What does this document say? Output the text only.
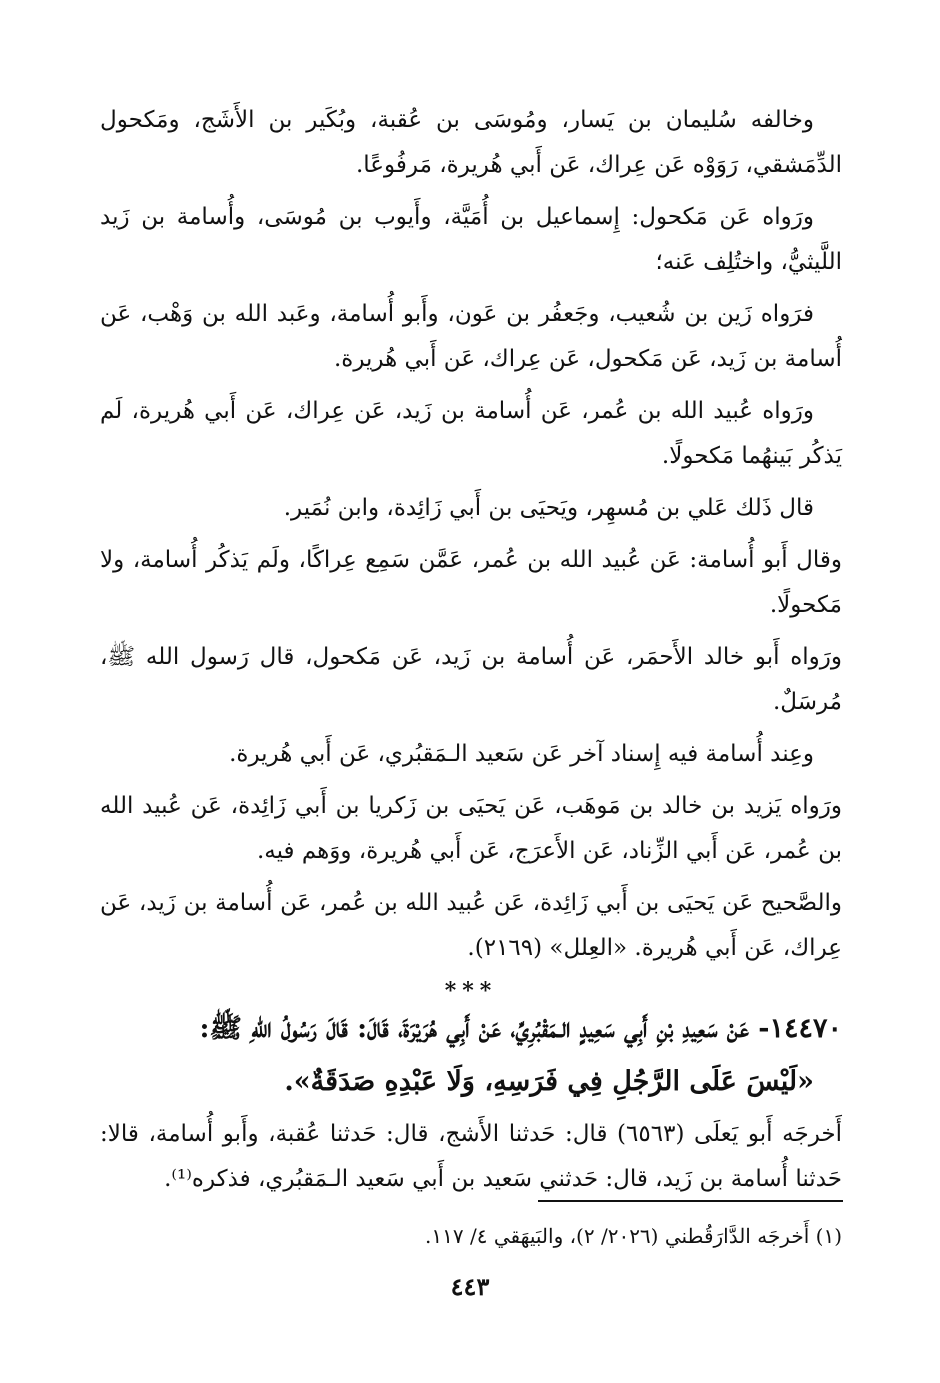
وخالفه سُليمان بن يَسار، ومُوسَى بن عُقبة، وبُكَير بن الأَشَج، ومَكحول الدِّمَشقي، رَوَوْه عَن عِراك، عَن أَبي هُريرة، مَرفُوعًا.

ورَواه عَن مَكحول: إِسماعيل بن أُمَيَّة، وأَيوب بن مُوسَى، وأُسامة بن زَيد اللَّيثيُّ، واختُلِف عَنه؛

فرَواه زَين بن شُعيب، وجَعفُر بن عَون، وأَبو أُسامة، وعَبد الله بن وَهْب، عَن أُسامة بن زَيد، عَن مَكحول، عَن عِراك، عَن أَبي هُريرة.

ورَواه عُبيد الله بن عُمر، عَن أُسامة بن زَيد، عَن عِراك، عَن أَبي هُريرة، لَم يَذكُر بَينهُما مَكحولًا.

قال ذَلك عَلي بن مُسهِر، ويَحيَى بن أَبي زَائِدة، وابن نُمَير.

وقال أَبو أُسامة: عَن عُبيد الله بن عُمر، عَمَّن سَمِع عِراكًا، ولَم يَذكُر أُسامة، ولا مَكحولًا.

ورَواه أَبو خالد الأَحمَر، عَن أُسامة بن زَيد، عَن مَكحول، قال رَسول الله ﷺ، مُرسَلٌ.

وعِند أُسامة فيه إِسناد آخر عَن سَعيد الـمَقبُري، عَن أَبي هُريرة.

ورَواه يَزيد بن خالد بن مَوهَب، عَن يَحيَى بن زَكريا بن أَبي زَائِدة، عَن عُبيد الله بن عُمر، عَن أَبي الزِّناد، عَن الأَعرَج، عَن أَبي هُريرة، ووَهم فيه.

والصَّحيح عَن يَحيَى بن أَبي زَائِدة، عَن عُبيد الله بن عُمر، عَن أُسامة بن زَيد، عَن عِراك، عَن أَبي هُريرة. «العِلل» (٢١٦٩).

***

١٤٤٧٠- عَنْ سَعِيدِ بْنِ أَبِي سَعِيدٍ الـمَقْبُرِيِّ، عَنْ أَبِي هُرَيْرَةَ، قَالَ: قَالَ رَسُولُ اللهِ ﷺ:

«لَيْسَ عَلَى الرَّجُلِ فِي فَرَسِهِ، وَلَا عَبْدِهِ صَدَقَةٌ».

أَخرجَه أَبو يَعلَى (٦٥٦٣) قال: حَدثنا الأَشج، قال: حَدثنا عُقبة، وأَبو أُسامة، قالا: حَدثنا أُسامة بن زَيد، قال: حَدثني سَعيد بن أَبي سَعيد الـمَقبُري، فذكره⁽¹⁾.

(١) أَخرجَه الدَّارَقُطني (٢٠٢٦/ ٢)، والبَيهَقي ٤/ ١١٧.
٤٤٣
